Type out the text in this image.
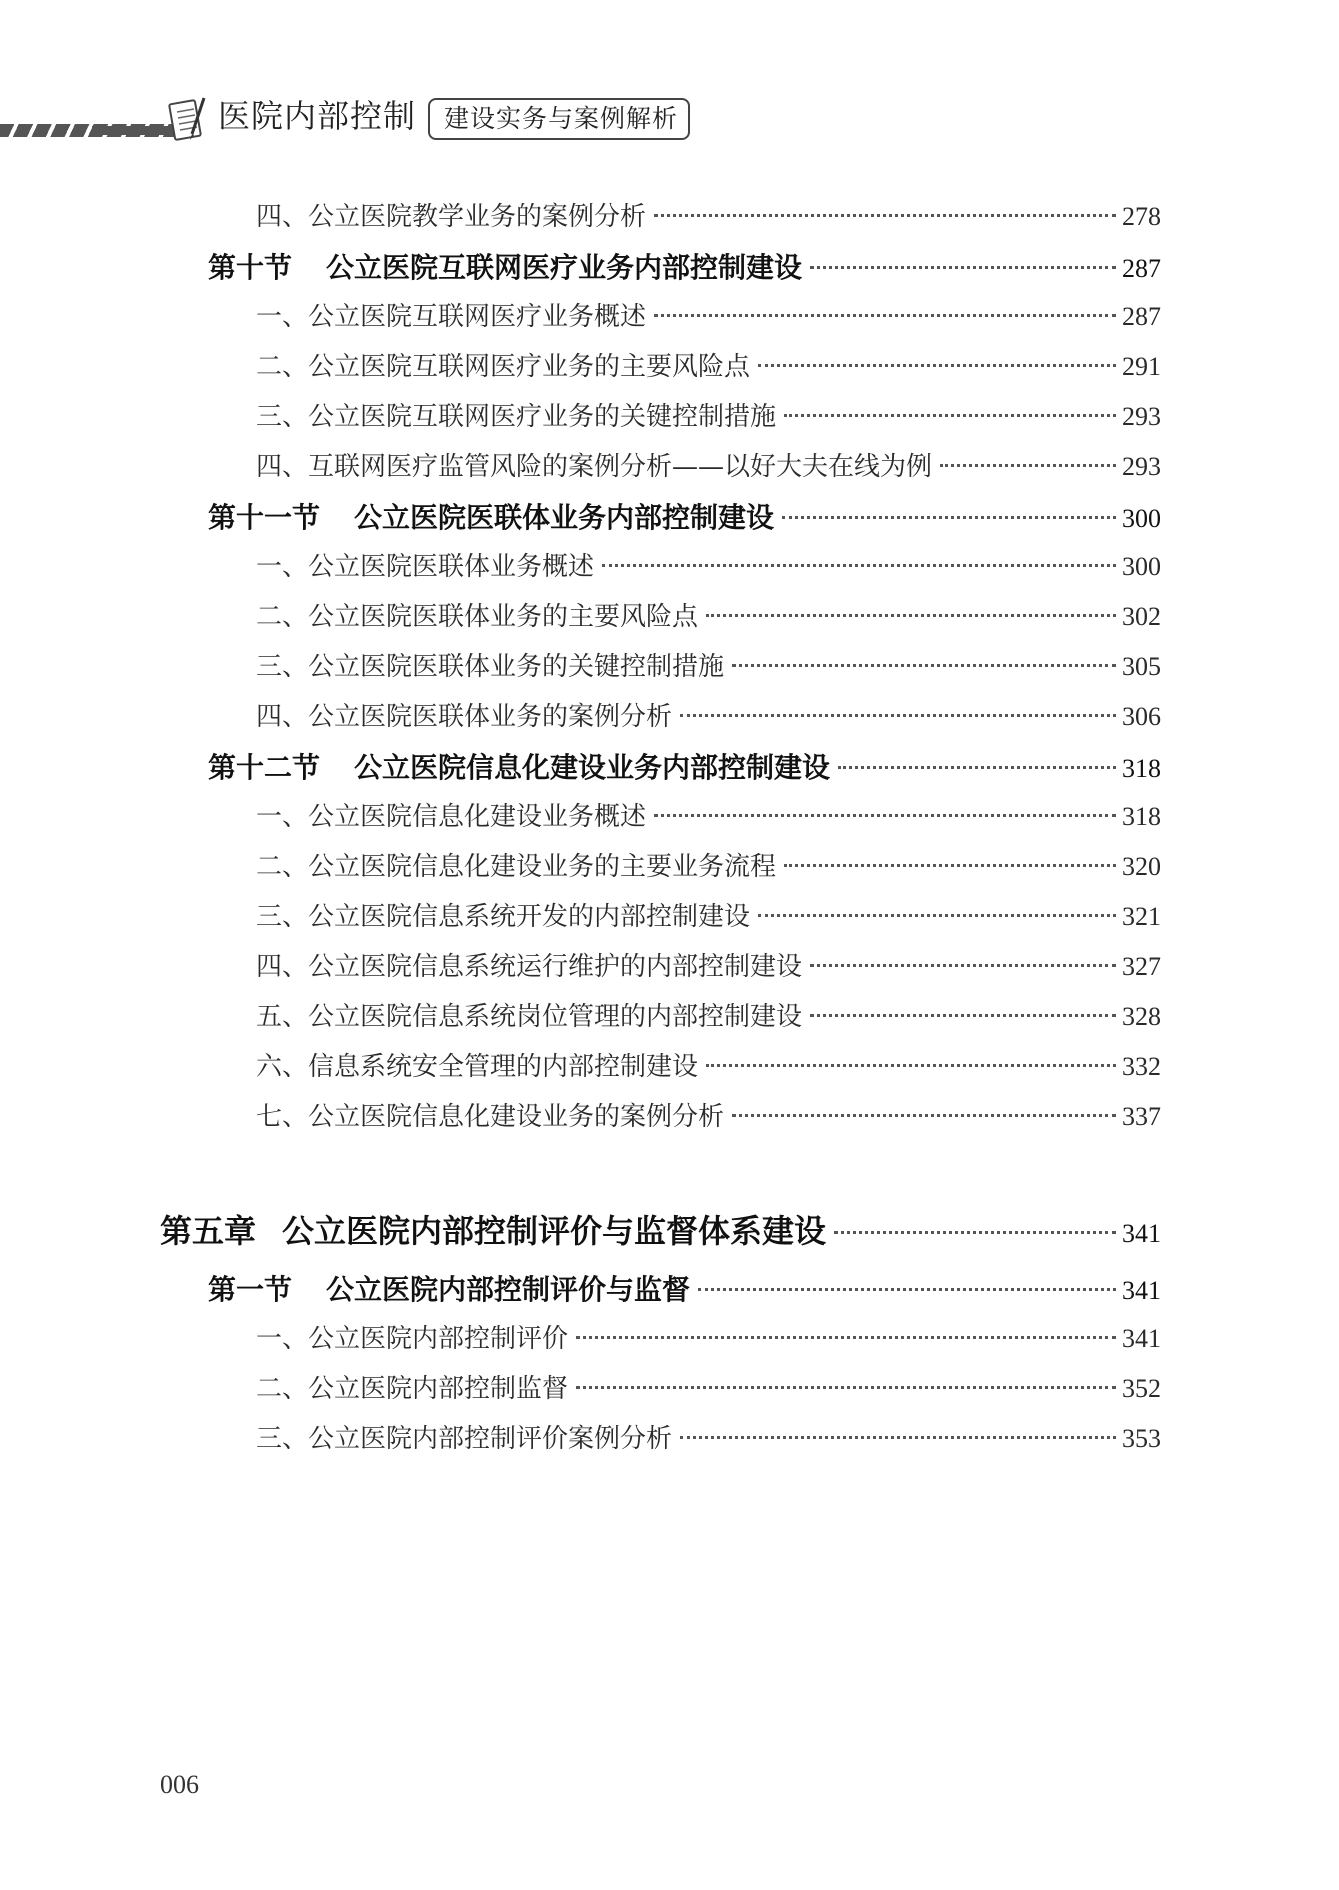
医院内部控制	建设实务与案例解析
四、公立医院教学业务的案例分析	278
第十节 公立医院互联网医疗业务内部控制建设	287
一、公立医院互联网医疗业务概述	287
二、公立医院互联网医疗业务的主要风险点	291
三、公立医院互联网医疗业务的关键控制措施	293
四、互联网医疗监管风险的案例分析——以好大夫在线为例	293
第十一节 公立医院医联体业务内部控制建设	300
一、公立医院医联体业务概述	300
二、公立医院医联体业务的主要风险点	302
三、公立医院医联体业务的关键控制措施	305
四、公立医院医联体业务的案例分析	306
第十二节 公立医院信息化建设业务内部控制建设	318
一、公立医院信息化建设业务概述	318
二、公立医院信息化建设业务的主要业务流程	320
三、公立医院信息系统开发的内部控制建设	321
四、公立医院信息系统运行维护的内部控制建设	327
五、公立医院信息系统岗位管理的内部控制建设	328
六、信息系统安全管理的内部控制建设	332
七、公立医院信息化建设业务的案例分析	337
第五章 公立医院内部控制评价与监督体系建设	341
第一节 公立医院内部控制评价与监督	341
一、公立医院内部控制评价	341
二、公立医院内部控制监督	352
三、公立医院内部控制评价案例分析	353
006
